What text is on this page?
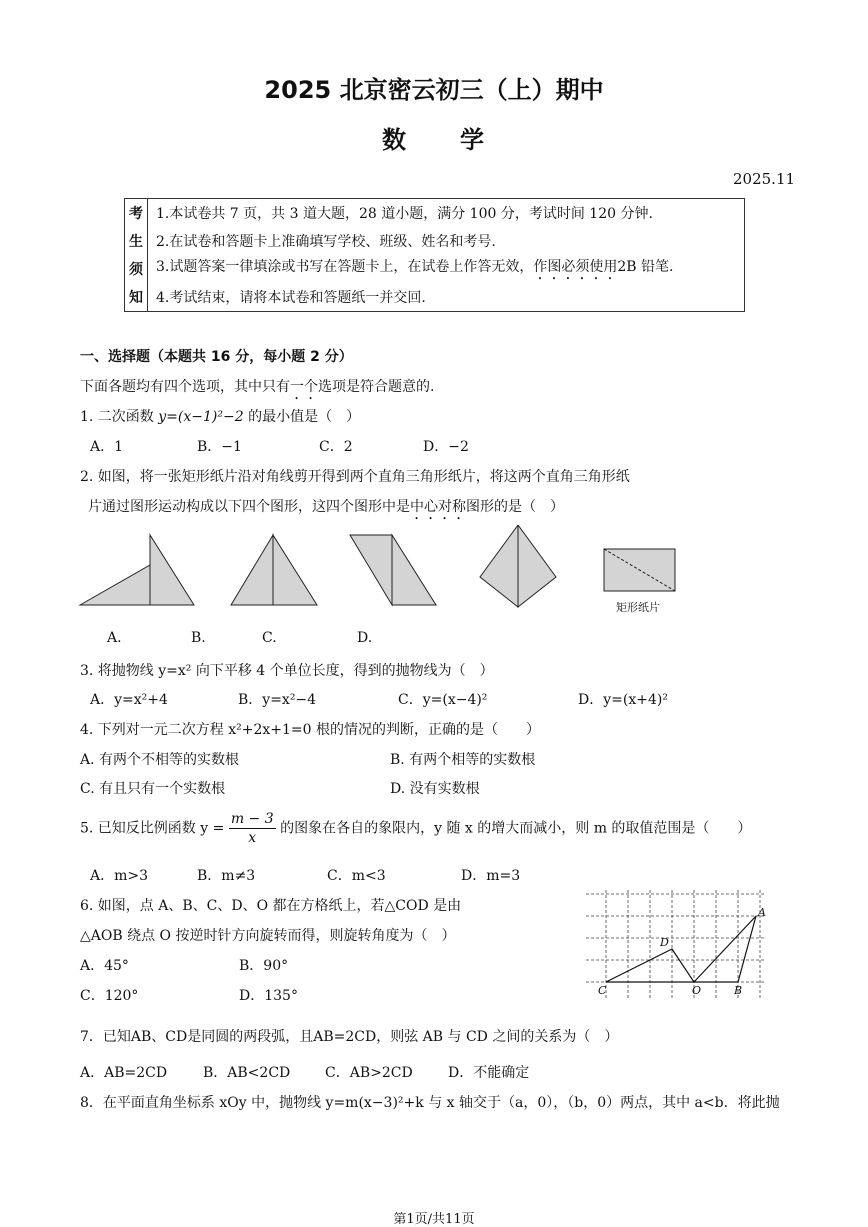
2025 北京密云初三（上）期中
数　　学
2025.11
考	1.本试卷共 7 页，共 3 道大题，28 道小题，满分 100 分，考试时间 120 分钟.
生	2.在试卷和答题卡上准确填写学校、班级、姓名和考号.
须	3.试题答案一律填涂或书写在答题卡上，在试卷上作答无效，作图必须使用2B 铅笔.
知	4.考试结束，请将本试卷和答题纸一并交回.
一、选择题（本题共 16 分，每小题 2 分）
下面各题均有四个选项，其中只有一个选项是符合题意的.
1. 二次函数 y=(x−1)²−2 的最小值是（　）
A．1	B．−1	C．2	D．−2
2. 如图，将一张矩形纸片沿对角线剪开得到两个直角三角形纸片，将这两个直角三角形纸
片通过图形运动构成以下四个图形，这四个图形中是中心对称图形的是（　）
矩形纸片
A.	B.	C.	D.
3. 将抛物线 y=x² 向下平移 4 个单位长度，得到的抛物线为（　）
A．y=x²+4	B．y=x²−4	C．y=(x−4)²	D．y=(x+4)²
4. 下列对一元二次方程 x²+2x+1=0 根的情况的判断，正确的是（　　）
A. 有两个不相等的实数根	B. 有两个相等的实数根
C. 有且只有一个实数根	D. 没有实数根
5. 已知反比例函数 $y = \frac{m - 3}{x}$ 的图象在各自的象限内，y 随 x 的增大而减小，则 m 的取值范围是（　　）
A．m>3	B．m≠3	C．m<3	D．m=3
6. 如图，点 A、B、C、D、O 都在方格纸上，若△COD 是由
△AOB 绕点 O 按逆时针方向旋转而得，则旋转角度为（　）
A．45°	B．90°
C．120°	D．135°
A
B
C
D
O
7．已知AB、CD是同圆的两段弧，且AB=2CD，则弦 AB 与 CD 之间的关系为（　）
A．AB=2CD	B．AB<2CD C．AB>2CD	D．不能确定
8．在平面直角坐标系 xOy 中，抛物线 y=m(x−3)²+k 与 x 轴交于（a，0），（b，0）两点，其中 a<b．将此抛
第1页/共11页
